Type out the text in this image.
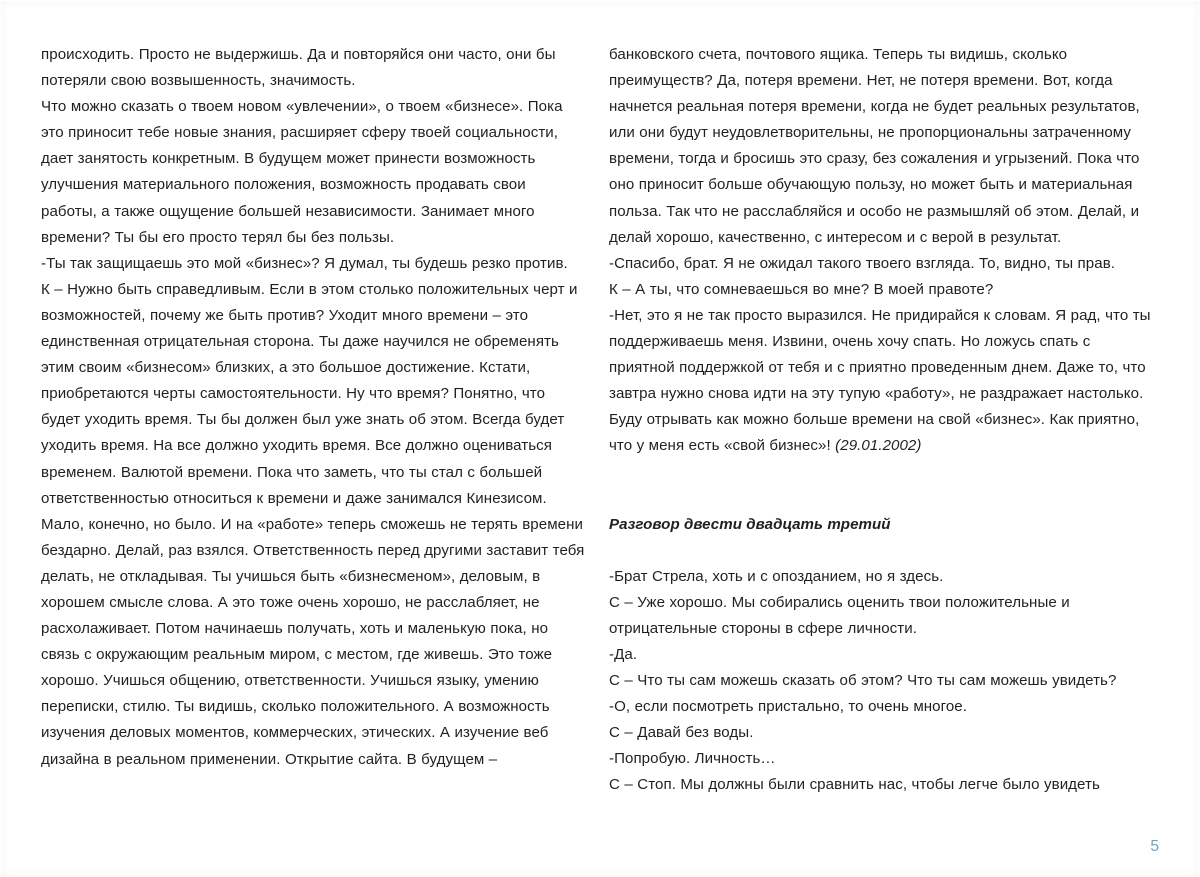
происходить. Просто не выдержишь. Да и повторяйся они часто, они бы потеряли свою возвышенность, значимость.

Что можно сказать о твоем новом «увлечении», о твоем «бизнесе». Пока это приносит тебе новые знания, расширяет сферу твоей социальности, дает занятость конкретным. В будущем может принести возможность улучшения материального положения, возможность продавать свои работы, а также ощущение большей независимости. Занимает много времени? Ты бы его просто терял бы без пользы.

-Ты так защищаешь это мой «бизнес»? Я думал, ты будешь резко против.

К – Нужно быть справедливым. Если в этом столько положительных черт и возможностей, почему же быть против? Уходит много времени – это единственная отрицательная сторона. Ты даже научился не обременять этим своим «бизнесом» близких, а это большое достижение. Кстати, приобретаются черты самостоятельности. Ну что время? Понятно, что будет уходить время. Ты бы должен был уже знать об этом. Всегда будет уходить время. На все должно уходить время. Все должно оцениваться временем. Валютой времени. Пока что заметь, что ты стал с большей ответственностью относиться к времени и даже занимался Кинезисом. Мало, конечно, но было. И на «работе» теперь сможешь не терять времени бездарно. Делай, раз взялся. Ответственность перед другими заставит тебя делать, не откладывая. Ты учишься быть «бизнесменом», деловым, в хорошем смысле слова. А это тоже очень хорошо, не расслабляет, не расхолаживает. Потом начинаешь получать, хоть и маленькую пока, но связь с окружающим реальным миром, с местом, где живешь. Это тоже хорошо. Учишься общению, ответственности. Учишься языку, умению переписки, стилю. Ты видишь, сколько положительного. А возможность изучения деловых моментов, коммерческих, этических. А изучение веб дизайна в реальном применении. Открытие сайта. В будущем –

банковского счета, почтового ящика. Теперь ты видишь, сколько преимуществ? Да, потеря времени. Нет, не потеря времени. Вот, когда начнется реальная потеря времени, когда не будет реальных результатов, или они будут неудовлетворительны, не пропорциональны затраченному времени, тогда и бросишь это сразу, без сожаления и угрызений. Пока что оно приносит больше обучающую пользу, но может быть и материальная польза. Так что не расслабляйся и особо не размышляй об этом. Делай, и делай хорошо, качественно, с интересом и с верой в результат.

-Спасибо, брат. Я не ожидал такого твоего взгляда. То, видно, ты прав.

К – А ты, что сомневаешься во мне? В моей правоте?

-Нет, это я не так просто выразился. Не придирайся к словам. Я рад, что ты поддерживаешь меня. Извини, очень хочу спать. Но ложусь спать с приятной поддержкой от тебя и с приятно проведенным днем. Даже то, что завтра нужно снова идти на эту тупую «работу», не раздражает настолько. Буду отрывать как можно больше времени на свой «бизнес». Как приятно, что у меня есть «свой бизнес»! (29.01.2002)

Разговор двести двадцать третий

-Брат Стрела, хоть и с опозданием, но я здесь.

С – Уже хорошо. Мы собирались оценить твои положительные и отрицательные стороны в сфере личности.

-Да.

С – Что ты сам можешь сказать об этом? Что ты сам можешь увидеть?

-О, если посмотреть пристально, то очень многое.

С – Давай без воды.

-Попробую. Личность…

С – Стоп. Мы должны были сравнить нас, чтобы легче было увидеть

5
